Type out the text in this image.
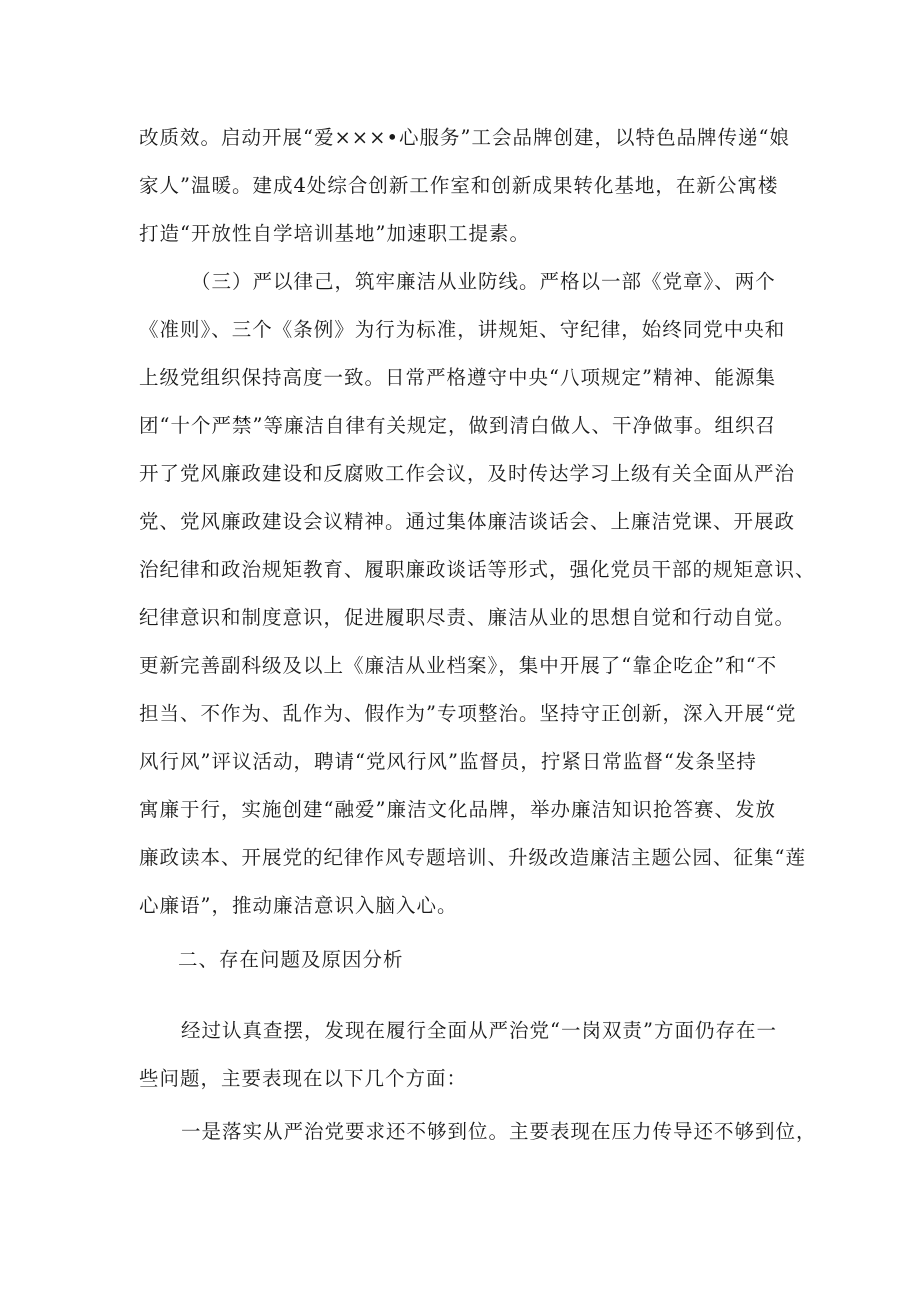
改质效。启动开展“爱×××•心服务”工会品牌创建，以特色品牌传递“娘
家人”温暖。建成4处综合创新工作室和创新成果转化基地，在新公寓楼
打造“开放性自学培训基地”加速职工提素。
（三）严以律己，筑牢廉洁从业防线。严格以一部《党章》、两个
《准则》、三个《条例》为行为标准，讲规矩、守纪律，始终同党中央和
上级党组织保持高度一致。日常严格遵守中央“八项规定”精神、能源集
团“十个严禁”等廉洁自律有关规定，做到清白做人、干净做事。组织召
开了党风廉政建设和反腐败工作会议，及时传达学习上级有关全面从严治
党、党风廉政建设会议精神。通过集体廉洁谈话会、上廉洁党课、开展政
治纪律和政治规矩教育、履职廉政谈话等形式，强化党员干部的规矩意识、
纪律意识和制度意识，促进履职尽责、廉洁从业的思想自觉和行动自觉。
更新完善副科级及以上《廉洁从业档案》，集中开展了“靠企吃企”和“不
担当、不作为、乱作为、假作为”专项整治。坚持守正创新，深入开展“党
风行风”评议活动，聘请“党风行风”监督员，拧紧日常监督“发条坚持
寓廉于行，实施创建“融爱”廉洁文化品牌，举办廉洁知识抢答赛、发放
廉政读本、开展党的纪律作风专题培训、升级改造廉洁主题公园、征集“莲
心廉语”，推动廉洁意识入脑入心。
二、存在问题及原因分析
经过认真查摆，发现在履行全面从严治党“一岗双责”方面仍存在一
些问题，主要表现在以下几个方面：
一是落实从严治党要求还不够到位。主要表现在压力传导还不够到位，
